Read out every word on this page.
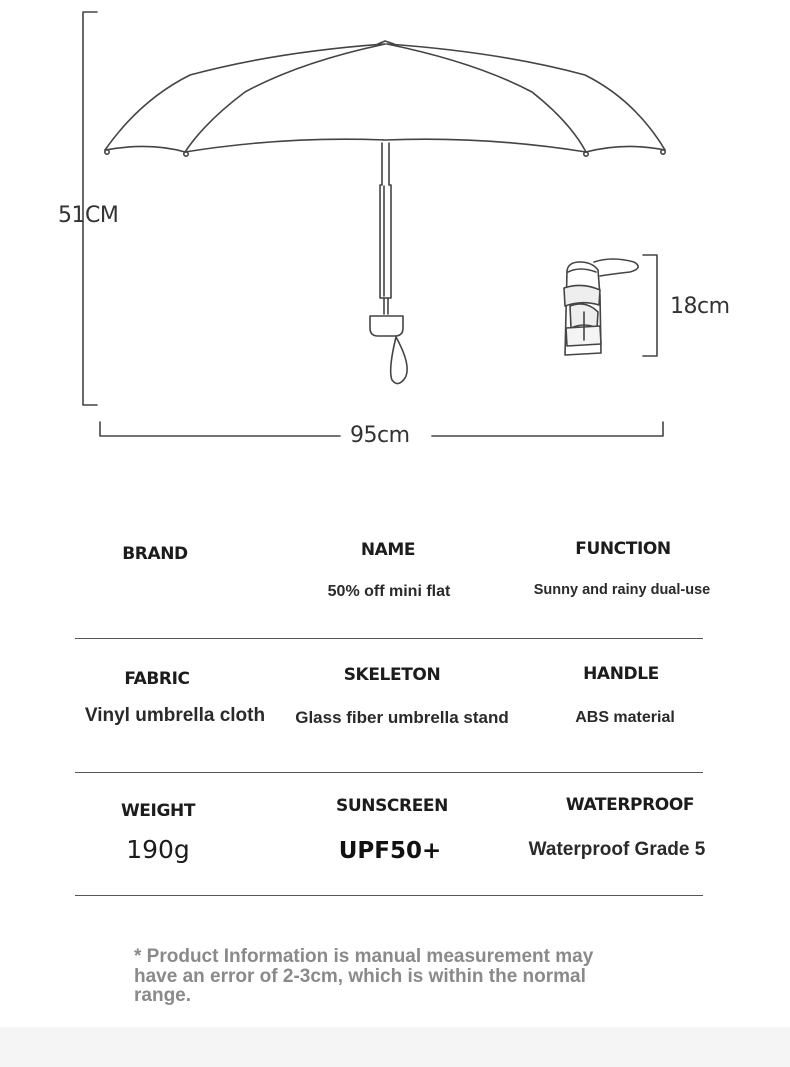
51CM
95cm
18cm
BRAND	NAME
50% off mini flat
FUNCTION
Sunny and rainy dual-use
FABRIC
Vinyl umbrella cloth
SKELETON
Glass fiber umbrella stand
HANDLE
ABS material
WEIGHT
190g
SUNSCREEN
UPF50+
WATERPROOF
Waterproof Grade 5
* Product Information is manual measurement may have an error of 2-3cm, which is within the normal range.
